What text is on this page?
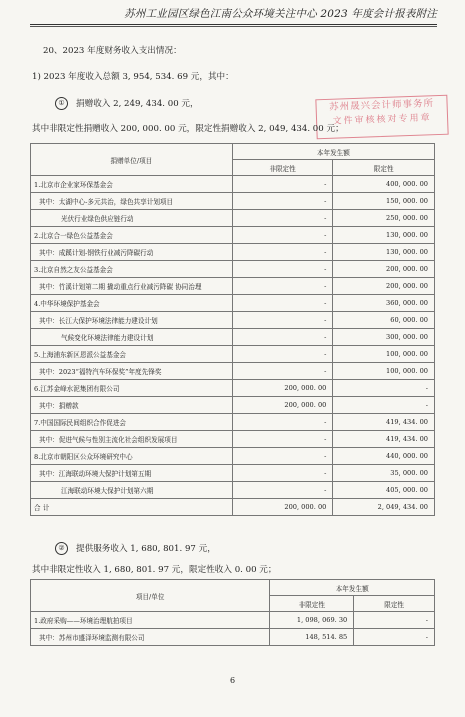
苏州工业园区绿色江南公众环境关注中心 2023 年度会计报表附注
20、2023 年度财务收入支出情况：
1) 2023 年度收入总额 3, 954, 534. 69 元，其中：
① 捐赠收入 2, 249, 434. 00 元，	苏州晟兴会计师事务所
文件审核核对专用章
其中非限定性捐赠收入 200, 000. 00 元，限定性捐赠收入 2, 049, 434. 00 元；
捐赠单位/项目	本年发生额	
	非限定性	限定性
1.北京市企业家环保基金会	-	400, 000. 00
其中：太湖中心-多元共治，绿色共享计划项目	-	150, 000. 00
光伏行业绿色供应链行动	-	250, 000. 00
2.北京合一绿色公益基金会	-	130, 000. 00
其中：成蹊计划-钢铁行业减污降碳行动	-	130, 000. 00
3.北京自然之友公益基金会	-	200, 000. 00
其中：竹溪计划第二期 撬动重点行业减污降碳 协同治理	-	200, 000. 00
4.中华环境保护基金会	-	360, 000. 00
其中：长江大保护环境法律能力建设计划	-	60, 000. 00
气候变化环境法律能力建设计划	-	300, 000. 00
5.上海浦东新区恩派公益基金会	-	100, 000. 00
其中：2023“福特汽车环保奖”年度先锋奖	-	100, 000. 00
6.江苏金峰水泥集团有限公司	200, 000. 00	-
其中：捐赠款	200, 000. 00	-
7.中国国际民间组织合作促进会	-	419, 434. 00
其中：促进气候与性别主流化社会组织发展项目	-	419, 434. 00
8.北京市朝阳区公众环境研究中心	-	440, 000. 00
其中：江海联动环境大保护计划第五期	-	35, 000. 00
江海联动环境大保护计划第六期	-	405, 000. 00
合 计	200, 000. 00	2, 049, 434. 00
② 提供服务收入 1, 680, 801. 97 元，
其中非限定性收入 1, 680, 801. 97 元，限定性收入 0. 00 元；
项目/单位	本年发生额	
	非限定性	限定性
1.政府采购——环境治理航拍项目	1, 098, 069. 30	-
其中：苏州市盛泽环境监测有限公司	148, 514. 85	-
6
